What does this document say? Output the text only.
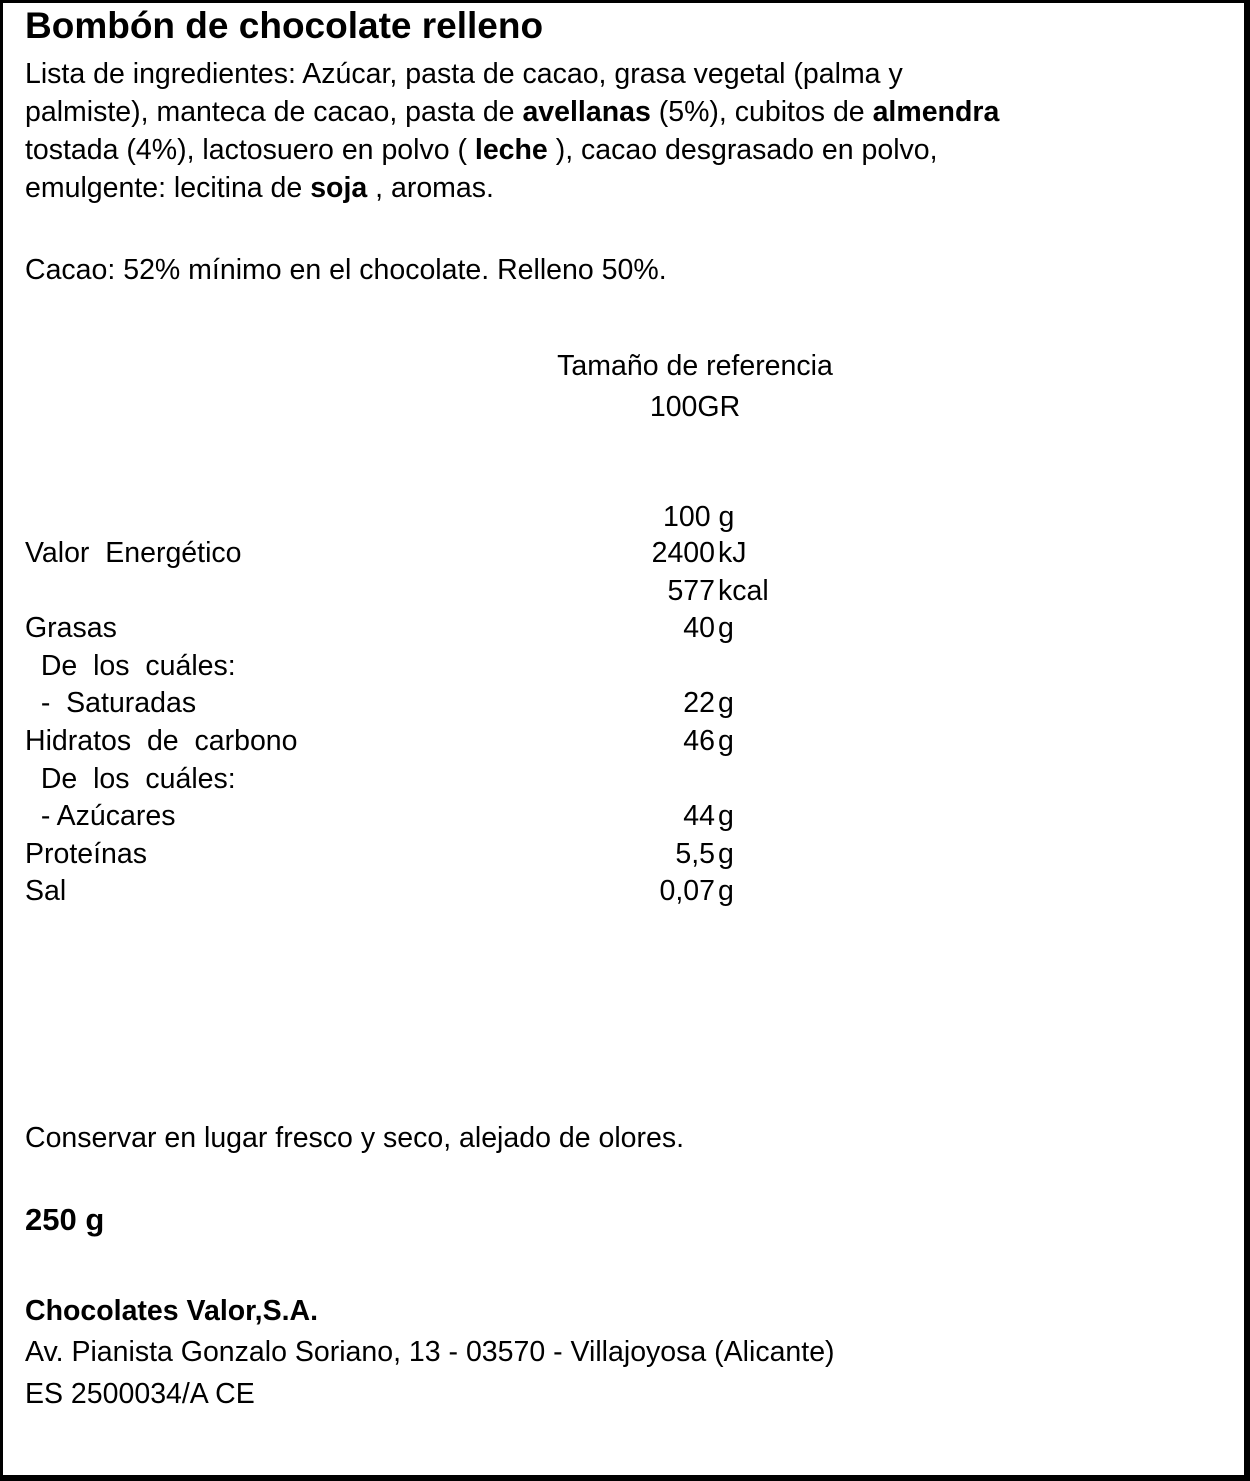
Bombón de chocolate relleno
Lista de ingredientes: Azúcar, pasta de cacao, grasa vegetal (palma y
palmiste), manteca de cacao, pasta de avellanas (5%), cubitos de almendra
tostada (4%), lactosuero en polvo ( leche ), cacao desgrasado en polvo,
emulgente: lecitina de soja , aromas.
Cacao: 52% mínimo en el chocolate. Relleno 50%.
Tamaño de referencia
100GR
100 g
Valor  Energético	2400 kJ
577 kcal
Grasas	40 g
De  los  cuáles:
-  Saturadas	22 g
Hidratos  de  carbono	46 g
De  los  cuáles:
- Azúcares	44 g
Proteínas	5,5 g
Sal	0,07 g
Conservar en lugar fresco y seco, alejado de olores.
250 g
Chocolates Valor,S.A.
Av. Pianista Gonzalo Soriano, 13 - 03570 - Villajoyosa (Alicante)
ES 2500034/A CE
